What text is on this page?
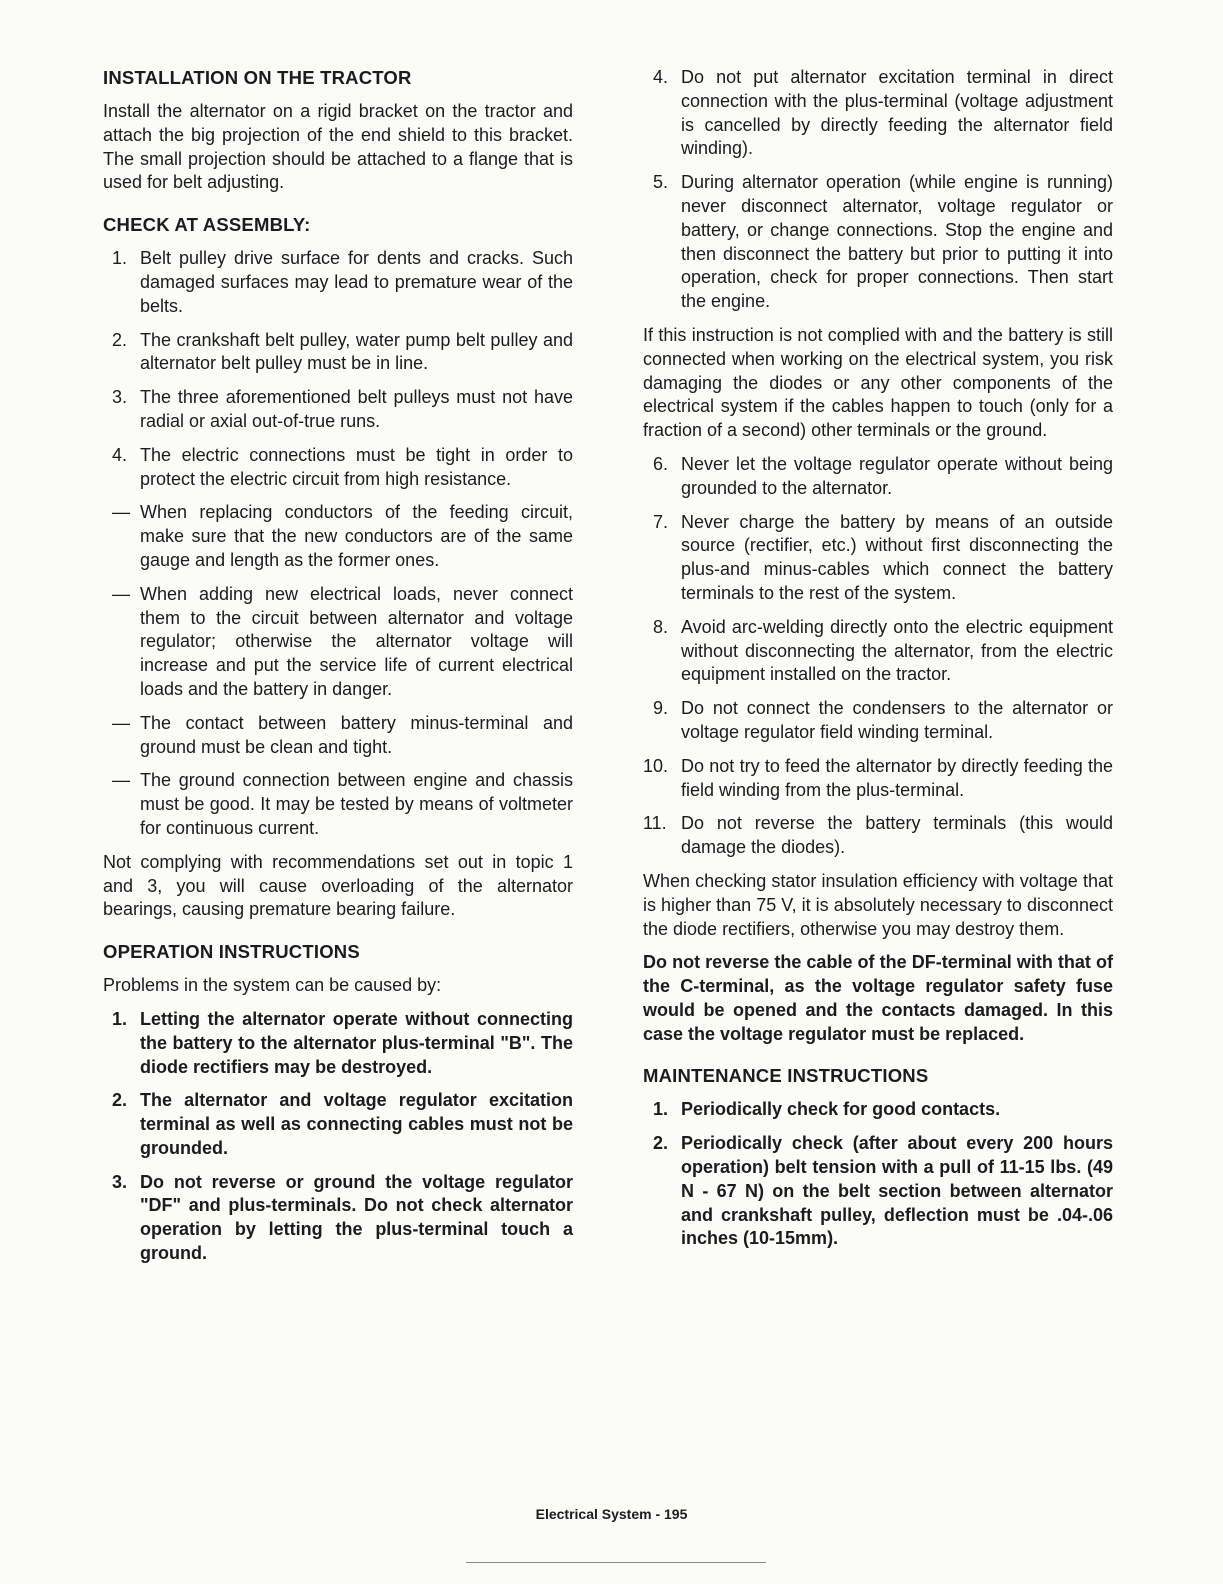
INSTALLATION ON THE TRACTOR

Install the alternator on a rigid bracket on the tractor and attach the big projection of the end shield to this bracket. The small projection should be attached to a flange that is used for belt adjusting.

CHECK AT ASSEMBLY:
1. Belt pulley drive surface for dents and cracks. Such damaged surfaces may lead to premature wear of the belts.
2. The crankshaft belt pulley, water pump belt pulley and alternator belt pulley must be in line.
3. The three aforementioned belt pulleys must not have radial or axial out-of-true runs.
4. The electric connections must be tight in order to protect the electric circuit from high resistance.
— When replacing conductors of the feeding circuit, make sure that the new conductors are of the same gauge and length as the former ones.
— When adding new electrical loads, never connect them to the circuit between alternator and voltage regulator; otherwise the alternator voltage will increase and put the service life of current electrical loads and the battery in danger.
— The contact between battery minus-terminal and ground must be clean and tight.
— The ground connection between engine and chassis must be good. It may be tested by means of voltmeter for continuous current.

Not complying with recommendations set out in topic 1 and 3, you will cause overloading of the alternator bearings, causing premature bearing failure.

OPERATION INSTRUCTIONS

Problems in the system can be caused by:

1. Letting the alternator operate without connecting the battery to the alternator plus-terminal "B". The diode rectifiers may be destroyed.
2. The alternator and voltage regulator excitation terminal as well as connecting cables must not be grounded.
3. Do not reverse or ground the voltage regulator "DF" and plus-terminals. Do not check alternator operation by letting the plus-terminal touch a ground.
4. Do not put alternator excitation terminal in direct connection with the plus-terminal (voltage adjustment is cancelled by directly feeding the alternator field winding).
5. During alternator operation (while engine is running) never disconnect alternator, voltage regulator or battery, or change connections. Stop the engine and then disconnect the battery but prior to putting it into operation, check for proper connections. Then start the engine.

If this instruction is not complied with and the battery is still connected when working on the electrical system, you risk damaging the diodes or any other components of the electrical system if the cables happen to touch (only for a fraction of a second) other terminals or the ground.

6. Never let the voltage regulator operate without being grounded to the alternator.
7. Never charge the battery by means of an outside source (rectifier, etc.) without first disconnecting the plus-and minus-cables which connect the battery terminals to the rest of the system.
8. Avoid arc-welding directly onto the electric equipment without disconnecting the alternator, from the electric equipment installed on the tractor.
9. Do not connect the condensers to the alternator or voltage regulator field winding terminal.
10. Do not try to feed the alternator by directly feeding the field winding from the plus-terminal.
11. Do not reverse the battery terminals (this would damage the diodes).

When checking stator insulation efficiency with voltage that is higher than 75 V, it is absolutely necessary to disconnect the diode rectifiers, otherwise you may destroy them.

Do not reverse the cable of the DF-terminal with that of the C-terminal, as the voltage regulator safety fuse would be opened and the contacts damaged. In this case the voltage regulator must be replaced.

MAINTENANCE INSTRUCTIONS
1. Periodically check for good contacts.
2. Periodically check (after about every 200 hours operation) belt tension with a pull of 11-15 lbs. (49 N - 67 N) on the belt section between alternator and crankshaft pulley, deflection must be .04-.06 inches (10-15mm).
Electrical System - 195
